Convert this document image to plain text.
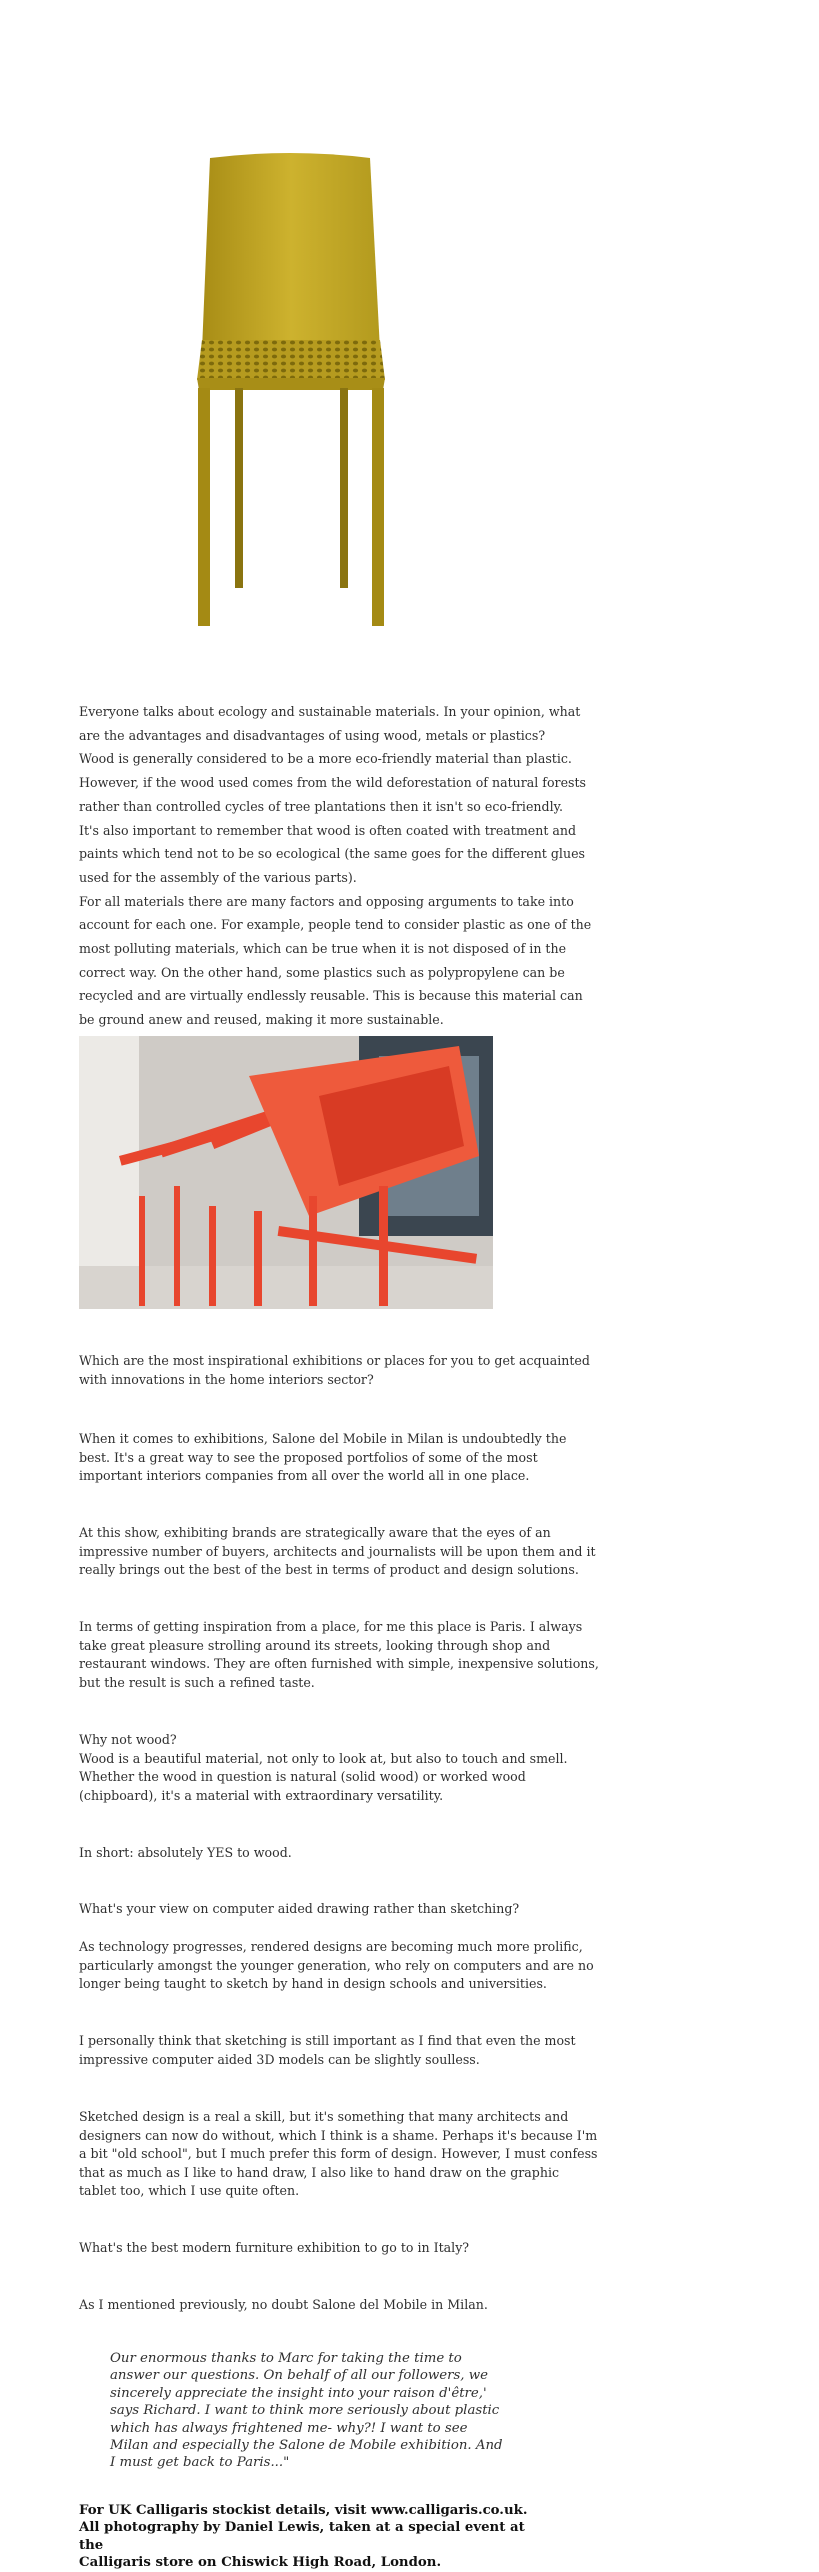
Everyone talks about ecology and sustainable materials. In your opinion, what are the advantages and disadvantages of using wood, metals or plastics?

Wood is generally considered to be a more eco-friendly material than plastic. However, if the wood used comes from the wild deforestation of natural forests rather than controlled cycles of tree plantations then it isn't so eco-friendly.

It's also important to remember that wood is often coated with treatment and paints which tend not to be so ecological (the same goes for the different glues used for the assembly of the various parts).

For all materials there are many factors and opposing arguments to take into account for each one. For example, people tend to consider plastic as one of the most polluting materials, which can be true when it is not disposed of in the correct way. On the other hand, some plastics such as polypropylene can be recycled and are virtually endlessly reusable. This is because this material can be ground anew and reused, making it more sustainable.

Which are the most inspirational exhibitions or places for you to get acquainted with innovations in the home interiors sector?

When it comes to exhibitions, Salone del Mobile in Milan is undoubtedly the best. It's a great way to see the proposed portfolios of some of the most important interiors companies from all over the world all in one place.

At this show, exhibiting brands are strategically aware that the eyes of an impressive number of buyers, architects and journalists will be upon them and it really brings out the best of the best in terms of product and design solutions.

In terms of getting inspiration from a place, for me this place is Paris. I always take great pleasure strolling around its streets, looking through shop and restaurant windows. They are often furnished with simple, inexpensive solutions, but the result is such a refined taste.

Why not wood?

Wood is a beautiful material, not only to look at, but also to touch and smell. Whether the wood in question is natural (solid wood) or worked wood (chipboard), it's a material with extraordinary versatility.

In short: absolutely YES to wood.

What's your view on computer aided drawing rather than sketching?

As technology progresses, rendered designs are becoming much more prolific, particularly amongst the younger generation, who rely on computers and are no longer being taught to sketch by hand in design schools and universities.

I personally think that sketching is still important as I find that even the most impressive computer aided 3D models can be slightly soulless.

Sketched design is a real a skill, but it's something that many architects and designers can now do without, which I think is a shame. Perhaps it's because I'm a bit "old school", but I much prefer this form of design. However, I must confess that as much as I like to hand draw, I also like to hand draw on the graphic tablet too, which I use quite often.

What's the best modern furniture exhibition to go to in Italy?

As I mentioned previously, no doubt Salone del Mobile in Milan.

Our enormous thanks to Marc for taking the time to answer our questions. On behalf of all our followers, we sincerely appreciate the insight into your raison d'être,' says Richard. I want to think more seriously about plastic which has always frightened me- why?! I want to see Milan and especially the Salone de Mobile exhibition. And I must get back to Paris..."

For UK Calligaris stockist details, visit www.calligaris.co.uk.
All photography by Daniel Lewis, taken at a special event at the
Calligaris store on Chiswick High Road, London.
